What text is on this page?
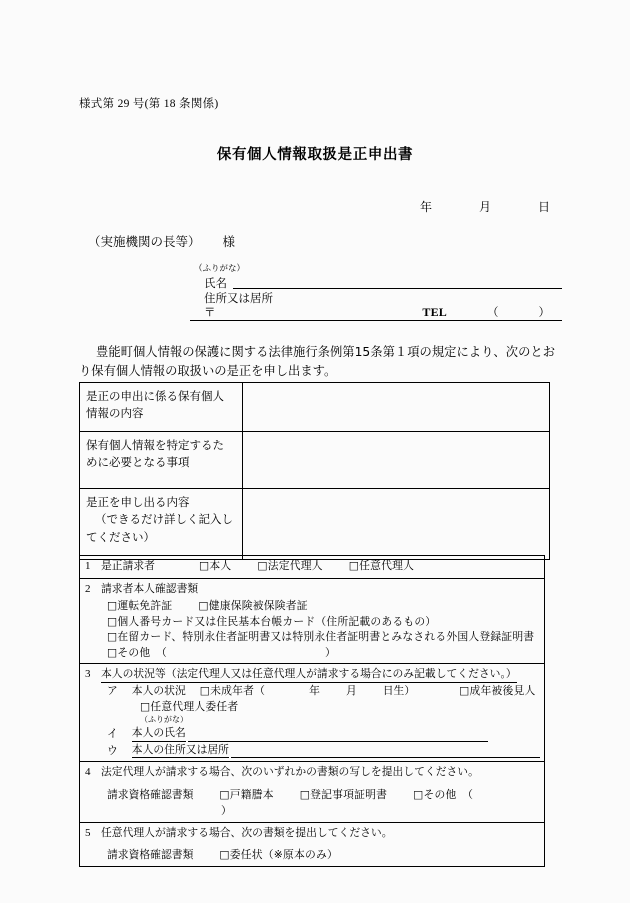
様式第 29 号(第 18 条関係)
保有個人情報取扱是正申出書
年	月	日
（実施機関の長等） 様
（ふりがな）
氏名
住所又は居所
〒	TEL	（	）
豊能町個人情報の保護に関する法律施行条例第15条第１項の規定により、次のとおり保有個人情報の取扱いの是正を申し出ます。
是正の申出に係る保有個人
情報の内容	
保有個人情報を特定するた
めに必要となる事項	
是正を申し出る内容

（できるだけ詳しく記入し
てください）	
1 是正請求者	□本人 □法定代理人 □任意代理人
2 請求者本人確認書類
□運転免許証 □健康保険被保険者証
□個人番号カード又は住民基本台帳カード（住所記載のあるもの）
□在留カード、特別永住者証明書又は特別永住者証明書とみなされる外国人登録証明書
□その他　（	）

3 本人の状況等（法定代理人又は任意代理人が請求する場合にのみ記載してください。）
ア 本人の状況 □未成年者（	年 月 日生）	□成年被後見人
□任意代理人委任者
（ふりがな）
イ 本人の氏名
ウ 本人の住所又は居所

4 法定代理人が請求する場合、次のいずれかの書類の写しを提出してください。
請求資格確認書類 □戸籍謄本 □登記事項証明書 □その他　（）

5 任意代理人が請求する場合、次の書類を提出してください。
請求資格確認書類 □委任状（※原本のみ）
